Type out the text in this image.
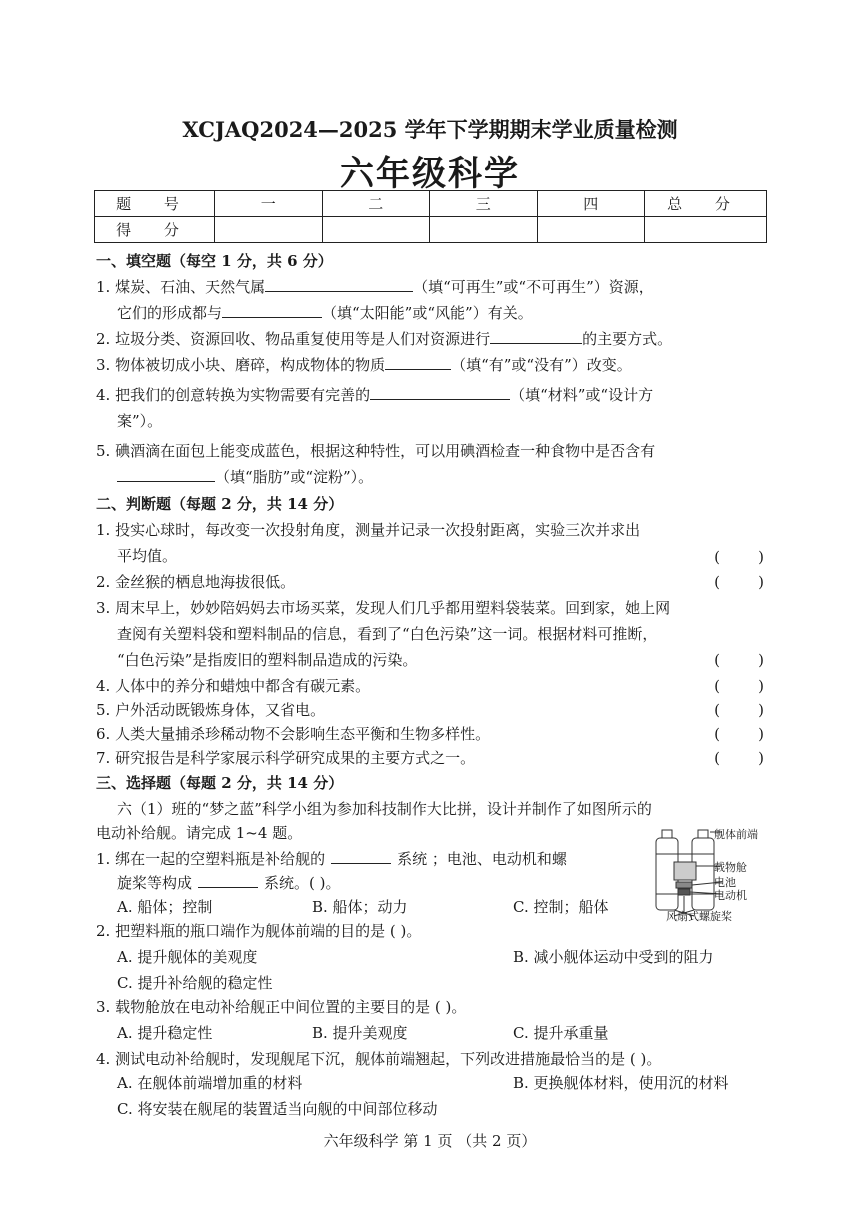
XCJAQ2024—2025 学年下学期期末学业质量检测
六年级科学
题 号	一	二	三	四	总 分
得 分					
一、填空题（每空 1 分，共 6 分）
1. 煤炭、石油、天然气属	（填“可再生”或“不可再生”）资源，
它们的形成都与	（填“太阳能”或“风能”）有关。
2. 垃圾分类、资源回收、物品重复使用等是人们对资源进行	的主要方式。
3. 物体被切成小块、磨碎，构成物体的物质	（填“有”或“没有”）改变。
4. 把我们的创意转换为实物需要有完善的	（填“材料”或“设计方
案”）。
5. 碘酒滴在面包上能变成蓝色，根据这种特性，可以用碘酒检查一种食物中是否含有
（填“脂肪”或“淀粉”）。
二、判断题（每题 2 分，共 14 分）
1. 投实心球时，每改变一次投射角度，测量并记录一次投射距离，实验三次并求出
平均值。	(        )
2. 金丝猴的栖息地海拔很低。	(        )
3. 周末早上，妙妙陪妈妈去市场买菜，发现人们几乎都用塑料袋装菜。回到家，她上网
查阅有关塑料袋和塑料制品的信息，看到了“白色污染”这一词。根据材料可推断，
“白色污染”是指废旧的塑料制品造成的污染。	(        )
4. 人体中的养分和蜡烛中都含有碳元素。	(        )
5. 户外活动既锻炼身体，又省电。	(        )
6. 人类大量捕杀珍稀动物不会影响生态平衡和生物多样性。	(        )
7. 研究报告是科学家展示科学研究成果的主要方式之一。	(        )
三、选择题（每题 2 分，共 14 分）
六（1）班的“梦之蓝”科学小组为参加科技制作大比拼，设计并制作了如图所示的
电动补给舰。请完成 1~4 题。
1. 绑在一起的空塑料瓶是补给舰的	系统 ；电池、电动机和螺
旋桨等构成	系统。( )。
A. 船体；控制	B. 船体；动力	C. 控制；船体
2. 把塑料瓶的瓶口端作为舰体前端的目的是 ( )。
A. 提升舰体的美观度	B. 减小舰体运动中受到的阻力
C. 提升补给舰的稳定性
3. 载物舱放在电动补给舰正中间位置的主要目的是 ( )。
A. 提升稳定性	B. 提升美观度	C. 提升承重量
4. 测试电动补给舰时，发现舰尾下沉，舰体前端翘起，下列改进措施最恰当的是 ( )。
A. 在舰体前端增加重的材料	B. 更换舰体材料，使用沉的材料
C. 将安装在舰尾的装置适当向舰的中间部位移动
舰体前端
载物舱
电池
电动机
风扇式螺旋桨
六年级科学 第 1 页 （共 2 页）
